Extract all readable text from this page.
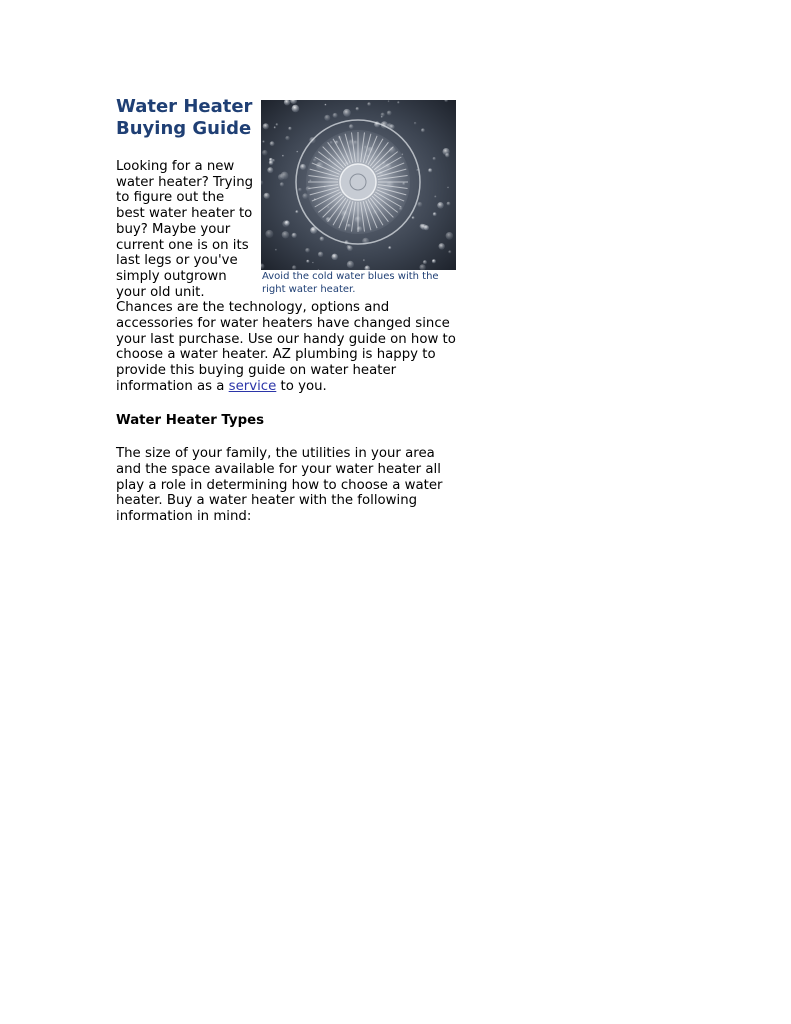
Avoid the cold water blues with the right water heater.
Water Heater Buying Guide

Looking for a new water heater? Trying to figure out the best water heater to buy? Maybe your current one is on its last legs or you've simply outgrown your old unit. Chances are the technology, options and accessories for water heaters have changed since your last purchase. Use our handy guide on how to choose a water heater. AZ plumbing is happy to provide this buying guide on water heater information as a service to you.

Water Heater Types

The size of your family, the utilities in your area and the space available for your water heater all play a role in determining how to choose a water heater. Buy a water heater with the following information in mind:
